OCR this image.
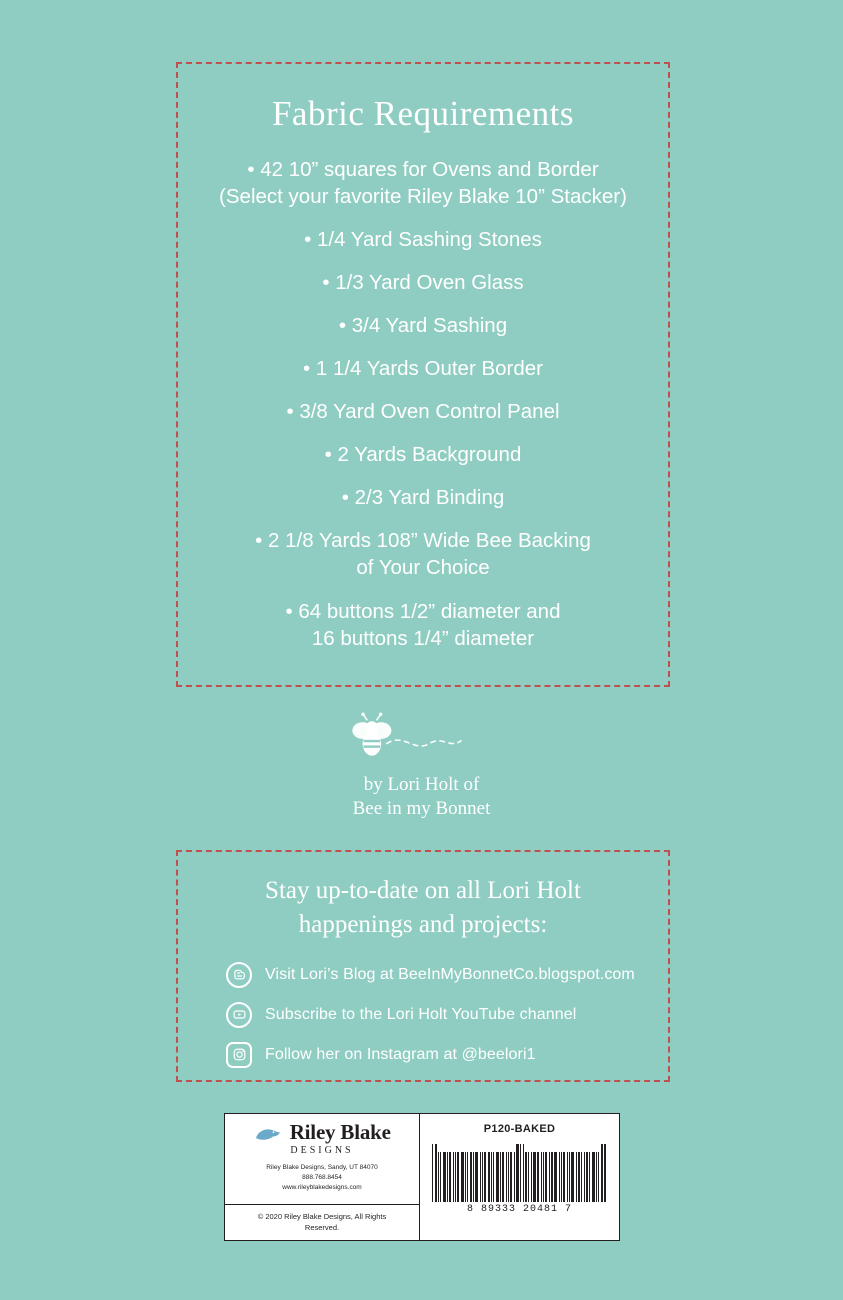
Fabric Requirements
• 42 10” squares for Ovens and Border
(Select your favorite Riley Blake 10” Stacker)
• 1/4 Yard Sashing Stones
• 1/3 Yard Oven Glass
• 3/4 Yard Sashing
• 1 1/4 Yards Outer Border
• 3/8 Yard Oven Control Panel
• 2 Yards Background
• 2/3 Yard Binding
• 2 1/8 Yards 108” Wide Bee Backing
of Your Choice
• 64 buttons 1/2” diameter and
16 buttons 1/4” diameter
by Lori Holt of
Bee in my Bonnet
Stay up-to-date on all Lori Holt
happenings and projects:
Visit Lori’s Blog at BeeInMyBonnetCo.blogspot.com
Subscribe to the Lori Holt YouTube channel
Follow her on Instagram at @beelori1
Riley Blake
DESIGNS
Riley Blake Designs, Sandy, UT 84070
888.768.8454
www.rileyblakedesigns.com
© 2020 Riley Blake Designs, All Rights
Reserved.
P120-BAKED
8 89333 20481 7
